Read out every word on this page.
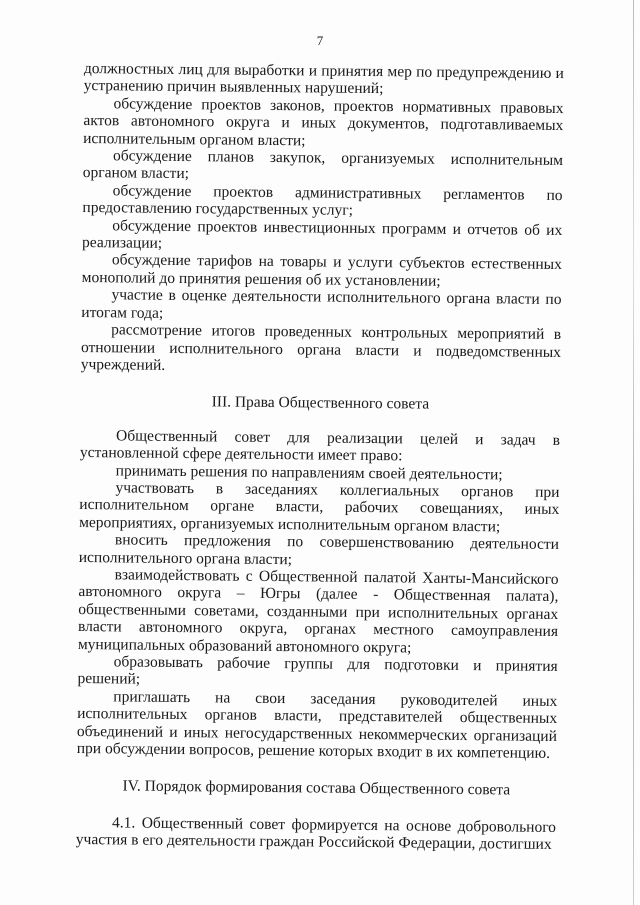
7

должностных лиц для выработки и принятия мер по предупреждению и устранению причин выявленных нарушений;

обсуждение проектов законов, проектов нормативных правовых актов автономного округа и иных документов, подготавливаемых исполнительным органом власти;

обсуждение планов закупок, организуемых исполнительным органом власти;

обсуждение проектов административных регламентов по предоставлению государственных услуг;

обсуждение проектов инвестиционных программ и отчетов об их реализации;

обсуждение тарифов на товары и услуги субъектов естественных монополий до принятия решения об их установлении;

участие в оценке деятельности исполнительного органа власти по итогам года;

рассмотрение итогов проведенных контрольных мероприятий в отношении исполнительного органа власти и подведомственных учреждений.

III. Права Общественного совета

Общественный совет для реализации целей и задач в установленной сфере деятельности имеет право:

принимать решения по направлениям своей деятельности;

участвовать в заседаниях коллегиальных органов при исполнительном органе власти, рабочих совещаниях, иных мероприятиях, организуемых исполнительным органом власти;

вносить предложения по совершенствованию деятельности исполнительного органа власти;

взаимодействовать с Общественной палатой Ханты-Мансийского автономного округа – Югры (далее - Общественная палата), общественными советами, созданными при исполнительных органах власти автономного округа, органах местного самоуправления муниципальных образований автономного округа;

образовывать рабочие группы для подготовки и принятия решений;

приглашать на свои заседания руководителей иных исполнительных органов власти, представителей общественных объединений и иных негосударственных некоммерческих организаций при обсуждении вопросов, решение которых входит в их компетенцию.

IV. Порядок формирования состава Общественного совета

4.1. Общественный совет формируется на основе добровольного участия в его деятельности граждан Российской Федерации, достигших
